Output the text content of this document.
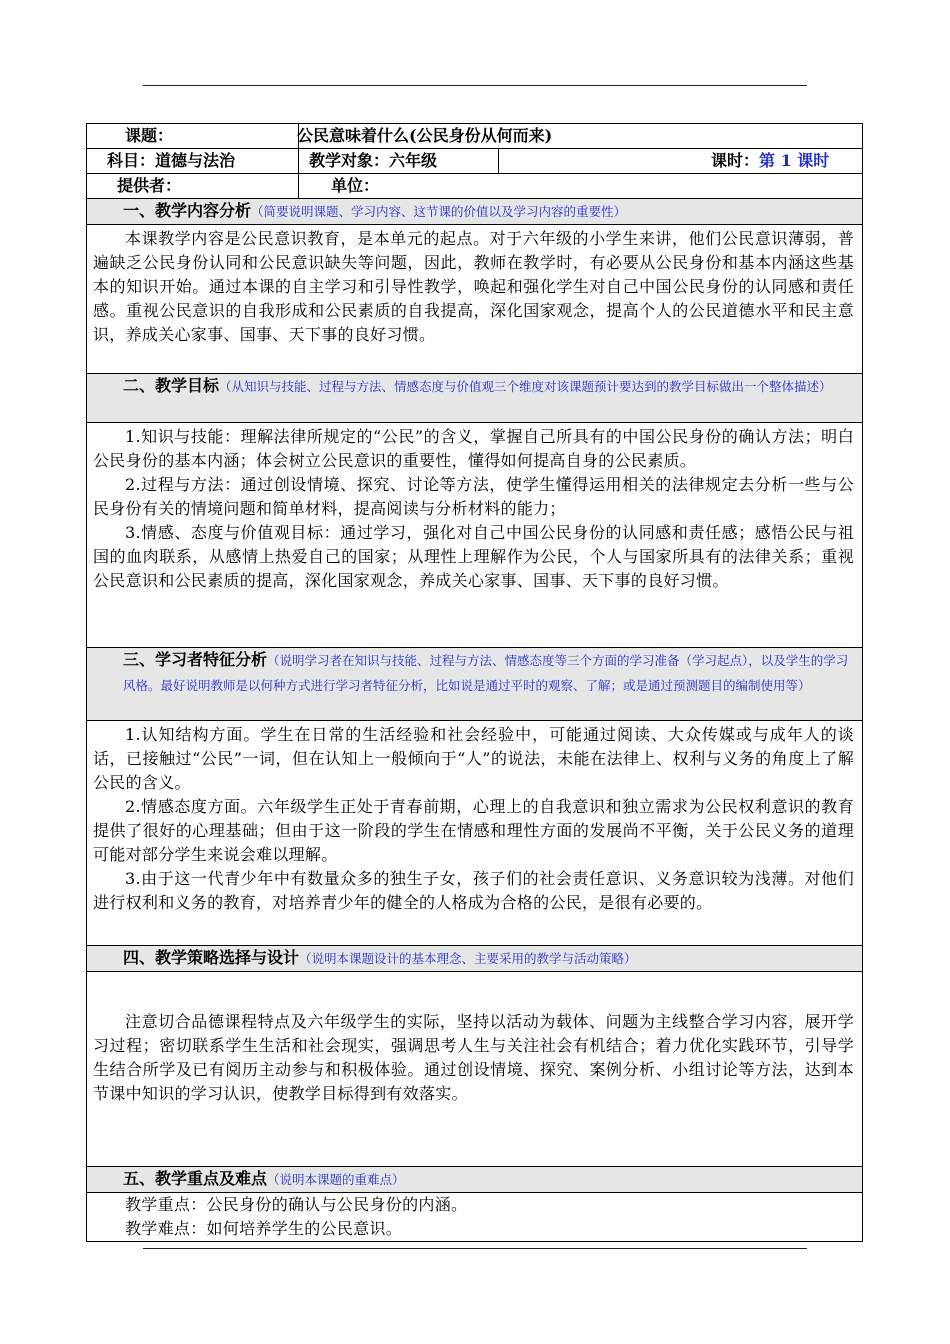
课题：	公民意味着什么(公民身份从何而来)	
科目：道德与法治	教学对象：六年级	课时：第 1 课时
提供者：	单位：	
一、教学内容分析（简要说明课题、学习内容、这节课的价值以及学习内容的重要性）		

本课教学内容是公民意识教育，是本单元的起点。对于六年级的小学生来讲，他们公民意识薄弱，普遍缺乏公民身份认同和公民意识缺失等问题，因此，教师在教学时，有必要从公民身份和基本内涵这些基本的知识开始。通过本课的自主学习和引导性教学，唤起和强化学生对自己中国公民身份的认同感和责任感。重视公民意识的自我形成和公民素质的自我提高，深化国家观念，提高个人的公民道德水平和民主意识，养成关心家事、国事、天下事的良好习惯。		

二、教学目标（从知识与技能、过程与方法、情感态度与价值观三个维度对该课题预计要达到的教学目标做出一个整体描述）		

1.知识与技能：理解法律所规定的“公民”的含义，掌握自己所具有的中国公民身份的确认方法；明白公民身份的基本内涵；体会树立公民意识的重要性，懂得如何提高自身的公民素质。

2.过程与方法：通过创设情境、探究、讨论等方法，使学生懂得运用相关的法律规定去分析一些与公民身份有关的情境问题和简单材料，提高阅读与分析材料的能力；

3.情感、态度与价值观目标：通过学习，强化对自己中国公民身份的认同感和责任感；感悟公民与祖国的血肉联系，从感情上热爱自己的国家；从理性上理解作为公民，个人与国家所具有的法律关系；重视公民意识和公民素质的提高，深化国家观念，养成关心家事、国事、天下事的良好习惯。		

三、学习者特征分析（说明学习者在知识与技能、过程与方法、情感态度等三个方面的学习准备（学习起点），以及学生的学习风格。最好说明教师是以何种方式进行学习者特征分析，比如说是通过平时的观察、了解；或是通过预测题目的编制使用等）		

1.认知结构方面。学生在日常的生活经验和社会经验中，可能通过阅读、大众传媒或与成年人的谈话，已接触过“公民”一词，但在认知上一般倾向于“人”的说法，未能在法律上、权利与义务的角度上了解公民的含义。

2.情感态度方面。六年级学生正处于青春前期，心理上的自我意识和独立需求为公民权利意识的教育提供了很好的心理基础；但由于这一阶段的学生在情感和理性方面的发展尚不平衡，关于公民义务的道理可能对部分学生来说会难以理解。

3.由于这一代青少年中有数量众多的独生子女，孩子们的社会责任意识、义务意识较为浅薄。对他们进行权利和义务的教育，对培养青少年的健全的人格成为合格的公民，是很有必要的。		

四、教学策略选择与设计（说明本课题设计的基本理念、主要采用的教学与活动策略）		

注意切合品德课程特点及六年级学生的实际，坚持以活动为载体、问题为主线整合学习内容，展开学习过程；密切联系学生生活和社会现实，强调思考人生与关注社会有机结合；着力优化实践环节，引导学生结合所学及已有阅历主动参与和积极体验。通过创设情境、探究、案例分析、小组讨论等方法，达到本节课中知识的学习认识，使教学目标得到有效落实。		

五、教学重点及难点（说明本课题的重难点）		

教学重点：公民身份的确认与公民身份的内涵。

教学难点：如何培养学生的公民意识。		
